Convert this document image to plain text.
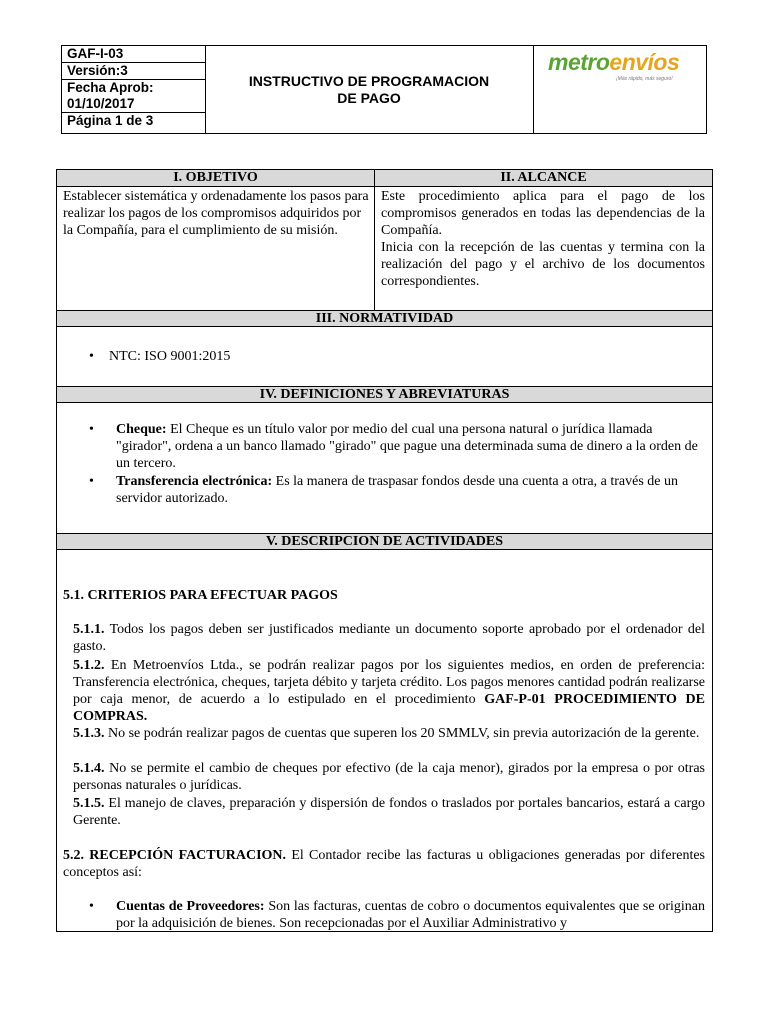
GAF-I-03
Versión:3
Fecha Aprob:
01/10/2017
Página 1 de 3
INSTRUCTIVO DE PROGRAMACION
DE PAGO
metroenvíos
¡Más rápido, más seguro!
I. OBJETIVO	II. ALCANCE
Establecer sistemática y ordenadamente los pasos para realizar los pagos de los compromisos adquiridos por la Compañía, para el cumplimiento de su misión.
Este procedimiento aplica para el pago de los compromisos generados en todas las dependencias de la Compañía.
Inicia con la recepción de las cuentas y termina con la realización del pago y el archivo de los documentos correspondientes.
III. NORMATIVIDAD
• NTC: ISO 9001:2015
IV. DEFINICIONES Y ABREVIATURAS
• Cheque: El Cheque es un título valor por medio del cual una persona natural o jurídica llamada "girador", ordena a un banco llamado "girado" que pague una determinada suma de dinero a la orden de un tercero.
• Transferencia electrónica: Es la manera de traspasar fondos desde una cuenta a otra, a través de un servidor autorizado.
V. DESCRIPCION DE ACTIVIDADES
5.1. CRITERIOS PARA EFECTUAR PAGOS
5.1.1. Todos los pagos deben ser justificados mediante un documento soporte aprobado por el ordenador del gasto.
5.1.2. En Metroenvíos Ltda., se podrán realizar pagos por los siguientes medios, en orden de preferencia: Transferencia electrónica, cheques, tarjeta débito y tarjeta crédito. Los pagos menores cantidad podrán realizarse por caja menor, de acuerdo a lo estipulado en el procedimiento GAF-P-01 PROCEDIMIENTO DE COMPRAS.
5.1.3. No se podrán realizar pagos de cuentas que superen los 20 SMMLV, sin previa autorización de la gerente.
5.1.4. No se permite el cambio de cheques por efectivo (de la caja menor), girados por la empresa o por otras personas naturales o jurídicas.
5.1.5. El manejo de claves, preparación y dispersión de fondos o traslados por portales bancarios, estará a cargo Gerente.
5.2. RECEPCIÓN FACTURACION. El Contador recibe las facturas u obligaciones generadas por diferentes conceptos así:
• Cuentas de Proveedores: Son las facturas, cuentas de cobro o documentos equivalentes que se originan por la adquisición de bienes. Son recepcionadas por el Auxiliar Administrativo y
